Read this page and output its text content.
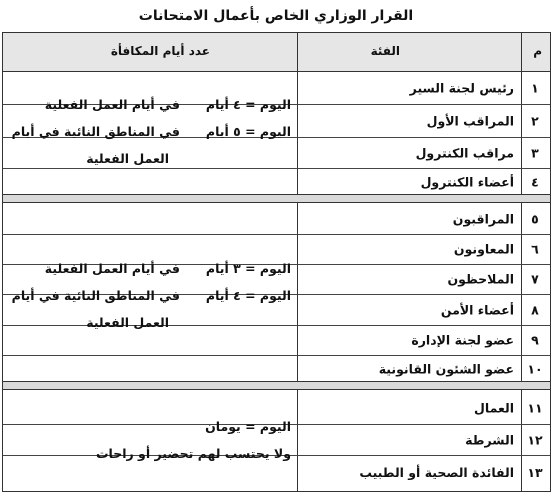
القرار الوزاري الخاص بأعمال الامتحانات
م
الفئة
عدد أيام المكافأة
١
رئيس لجنة السير
٢
المراقب الأول
٣
مراقب الكنترول
٤
أعضاء الكنترول
اليوم = ٤ أيامفي أيام العمل الفعلية
اليوم = ٥ أيامفي المناطق النائية في أيام
العمل الفعلية
٥
المراقبون
٦
المعاونون
٧
الملاحظون
٨
أعضاء الأمن
٩
عضو لجنة الإدارة
١٠
عضو الشئون القانونية
اليوم = ٣ أيامفي أيام العمل الفعلية
اليوم = ٤ أيامفي المناطق النائية في أيام
العمل الفعلية
١١
العمال
١٢
الشرطة
١٣
الفائدة الصحية أو الطبيب
اليوم = يومان
ولا يحتسب لهم تحضير أو راحات
